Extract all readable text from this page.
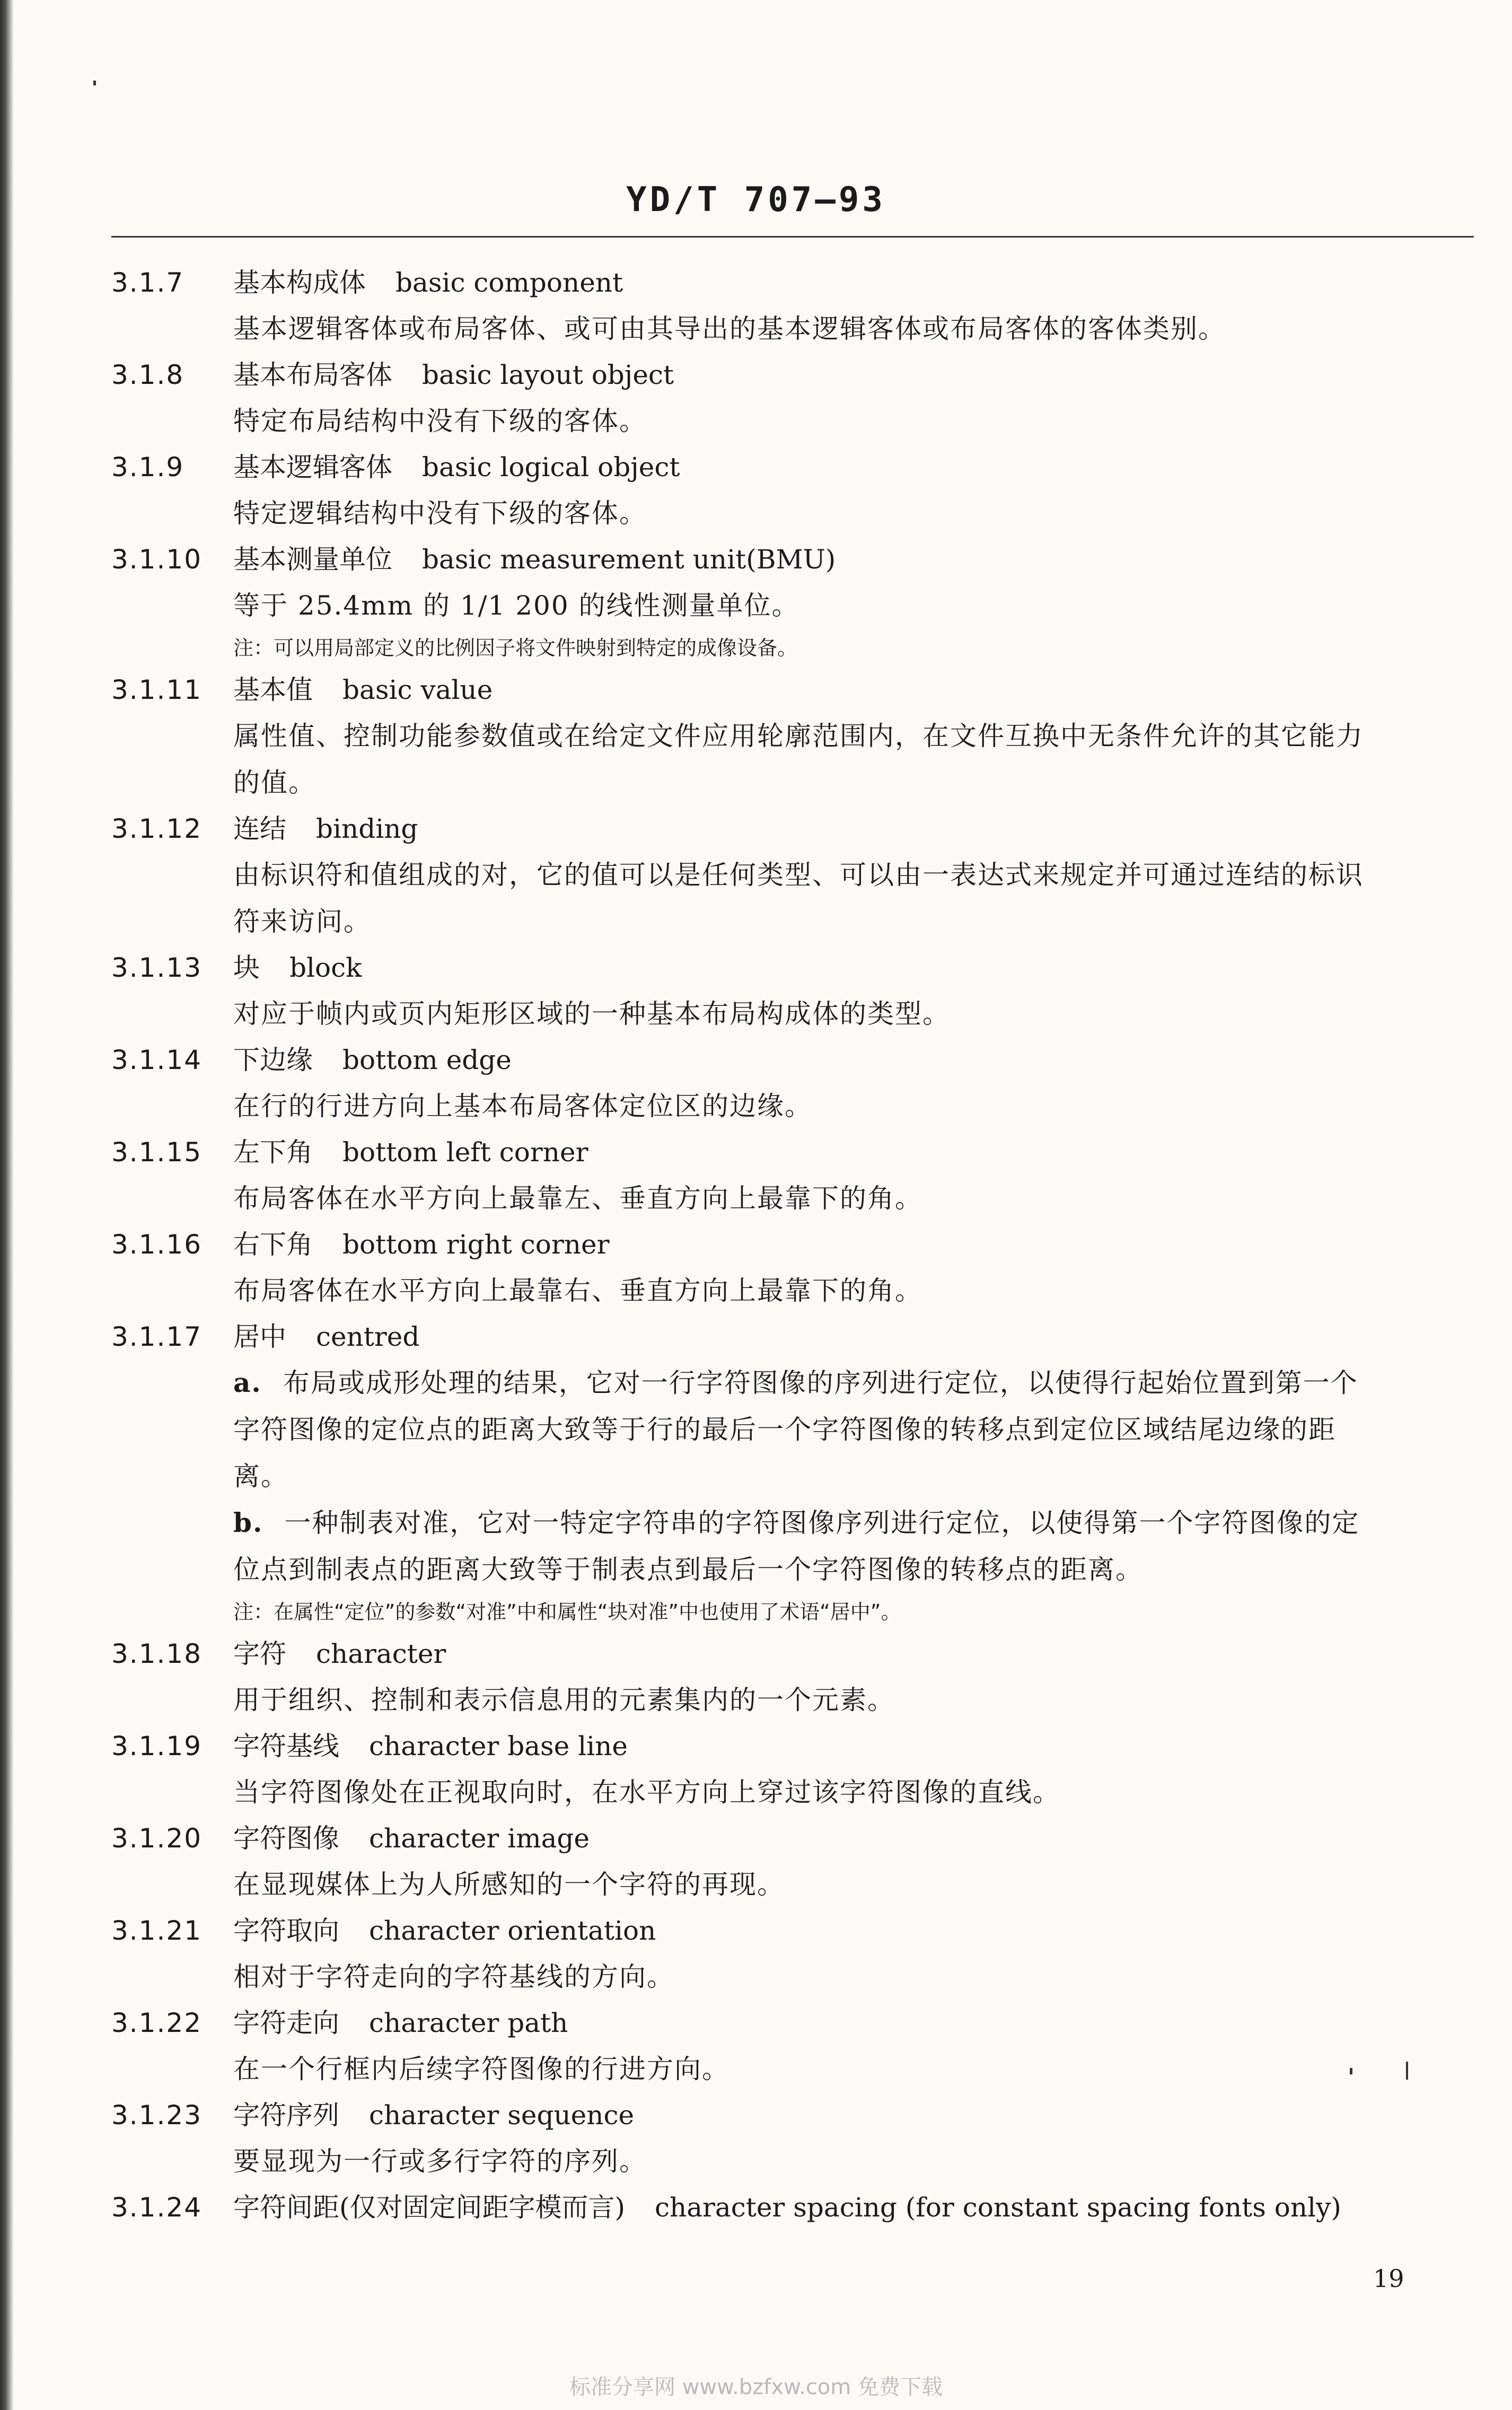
YD/T 707—93
3.1.7 基本构成体 basic component
基本逻辑客体或布局客体、或可由其导出的基本逻辑客体或布局客体的客体类别。
3.1.8 基本布局客体 basic layout object
特定布局结构中没有下级的客体。
3.1.9 基本逻辑客体 basic logical object
特定逻辑结构中没有下级的客体。
3.1.10 基本测量单位 basic measurement unit(BMU)
等于 25.4mm 的 1/1 200 的线性测量单位。
注：可以用局部定义的比例因子将文件映射到特定的成像设备。
3.1.11 基本值 basic value
属性值、控制功能参数值或在给定文件应用轮廓范围内，在文件互换中无条件允许的其它能力
的值。
3.1.12 连结 binding
由标识符和值组成的对，它的值可以是任何类型、可以由一表达式来规定并可通过连结的标识
符来访问。
3.1.13 块 block
对应于帧内或页内矩形区域的一种基本布局构成体的类型。
3.1.14 下边缘 bottom edge
在行的行进方向上基本布局客体定位区的边缘。
3.1.15 左下角 bottom left corner
布局客体在水平方向上最靠左、垂直方向上最靠下的角。
3.1.16 右下角 bottom right corner
布局客体在水平方向上最靠右、垂直方向上最靠下的角。
3.1.17 居中 centred
a. 布局或成形处理的结果，它对一行字符图像的序列进行定位，以使得行起始位置到第一个
字符图像的定位点的距离大致等于行的最后一个字符图像的转移点到定位区域结尾边缘的距
离。
b. 一种制表对准，它对一特定字符串的字符图像序列进行定位，以使得第一个字符图像的定
位点到制表点的距离大致等于制表点到最后一个字符图像的转移点的距离。
注：在属性“定位”的参数“对准”中和属性“块对准”中也使用了术语“居中”。
3.1.18 字符 character
用于组织、控制和表示信息用的元素集内的一个元素。
3.1.19 字符基线 character base line
当字符图像处在正视取向时，在水平方向上穿过该字符图像的直线。
3.1.20 字符图像 character image
在显现媒体上为人所感知的一个字符的再现。
3.1.21 字符取向 character orientation
相对于字符走向的字符基线的方向。
3.1.22 字符走向 character path
在一个行框内后续字符图像的行进方向。
3.1.23 字符序列 character sequence
要显现为一行或多行字符的序列。
3.1.24 字符间距(仅对固定间距字模而言) character spacing (for constant spacing fonts only)
19
标准分享网 www.bzfxw.com 免费下载
